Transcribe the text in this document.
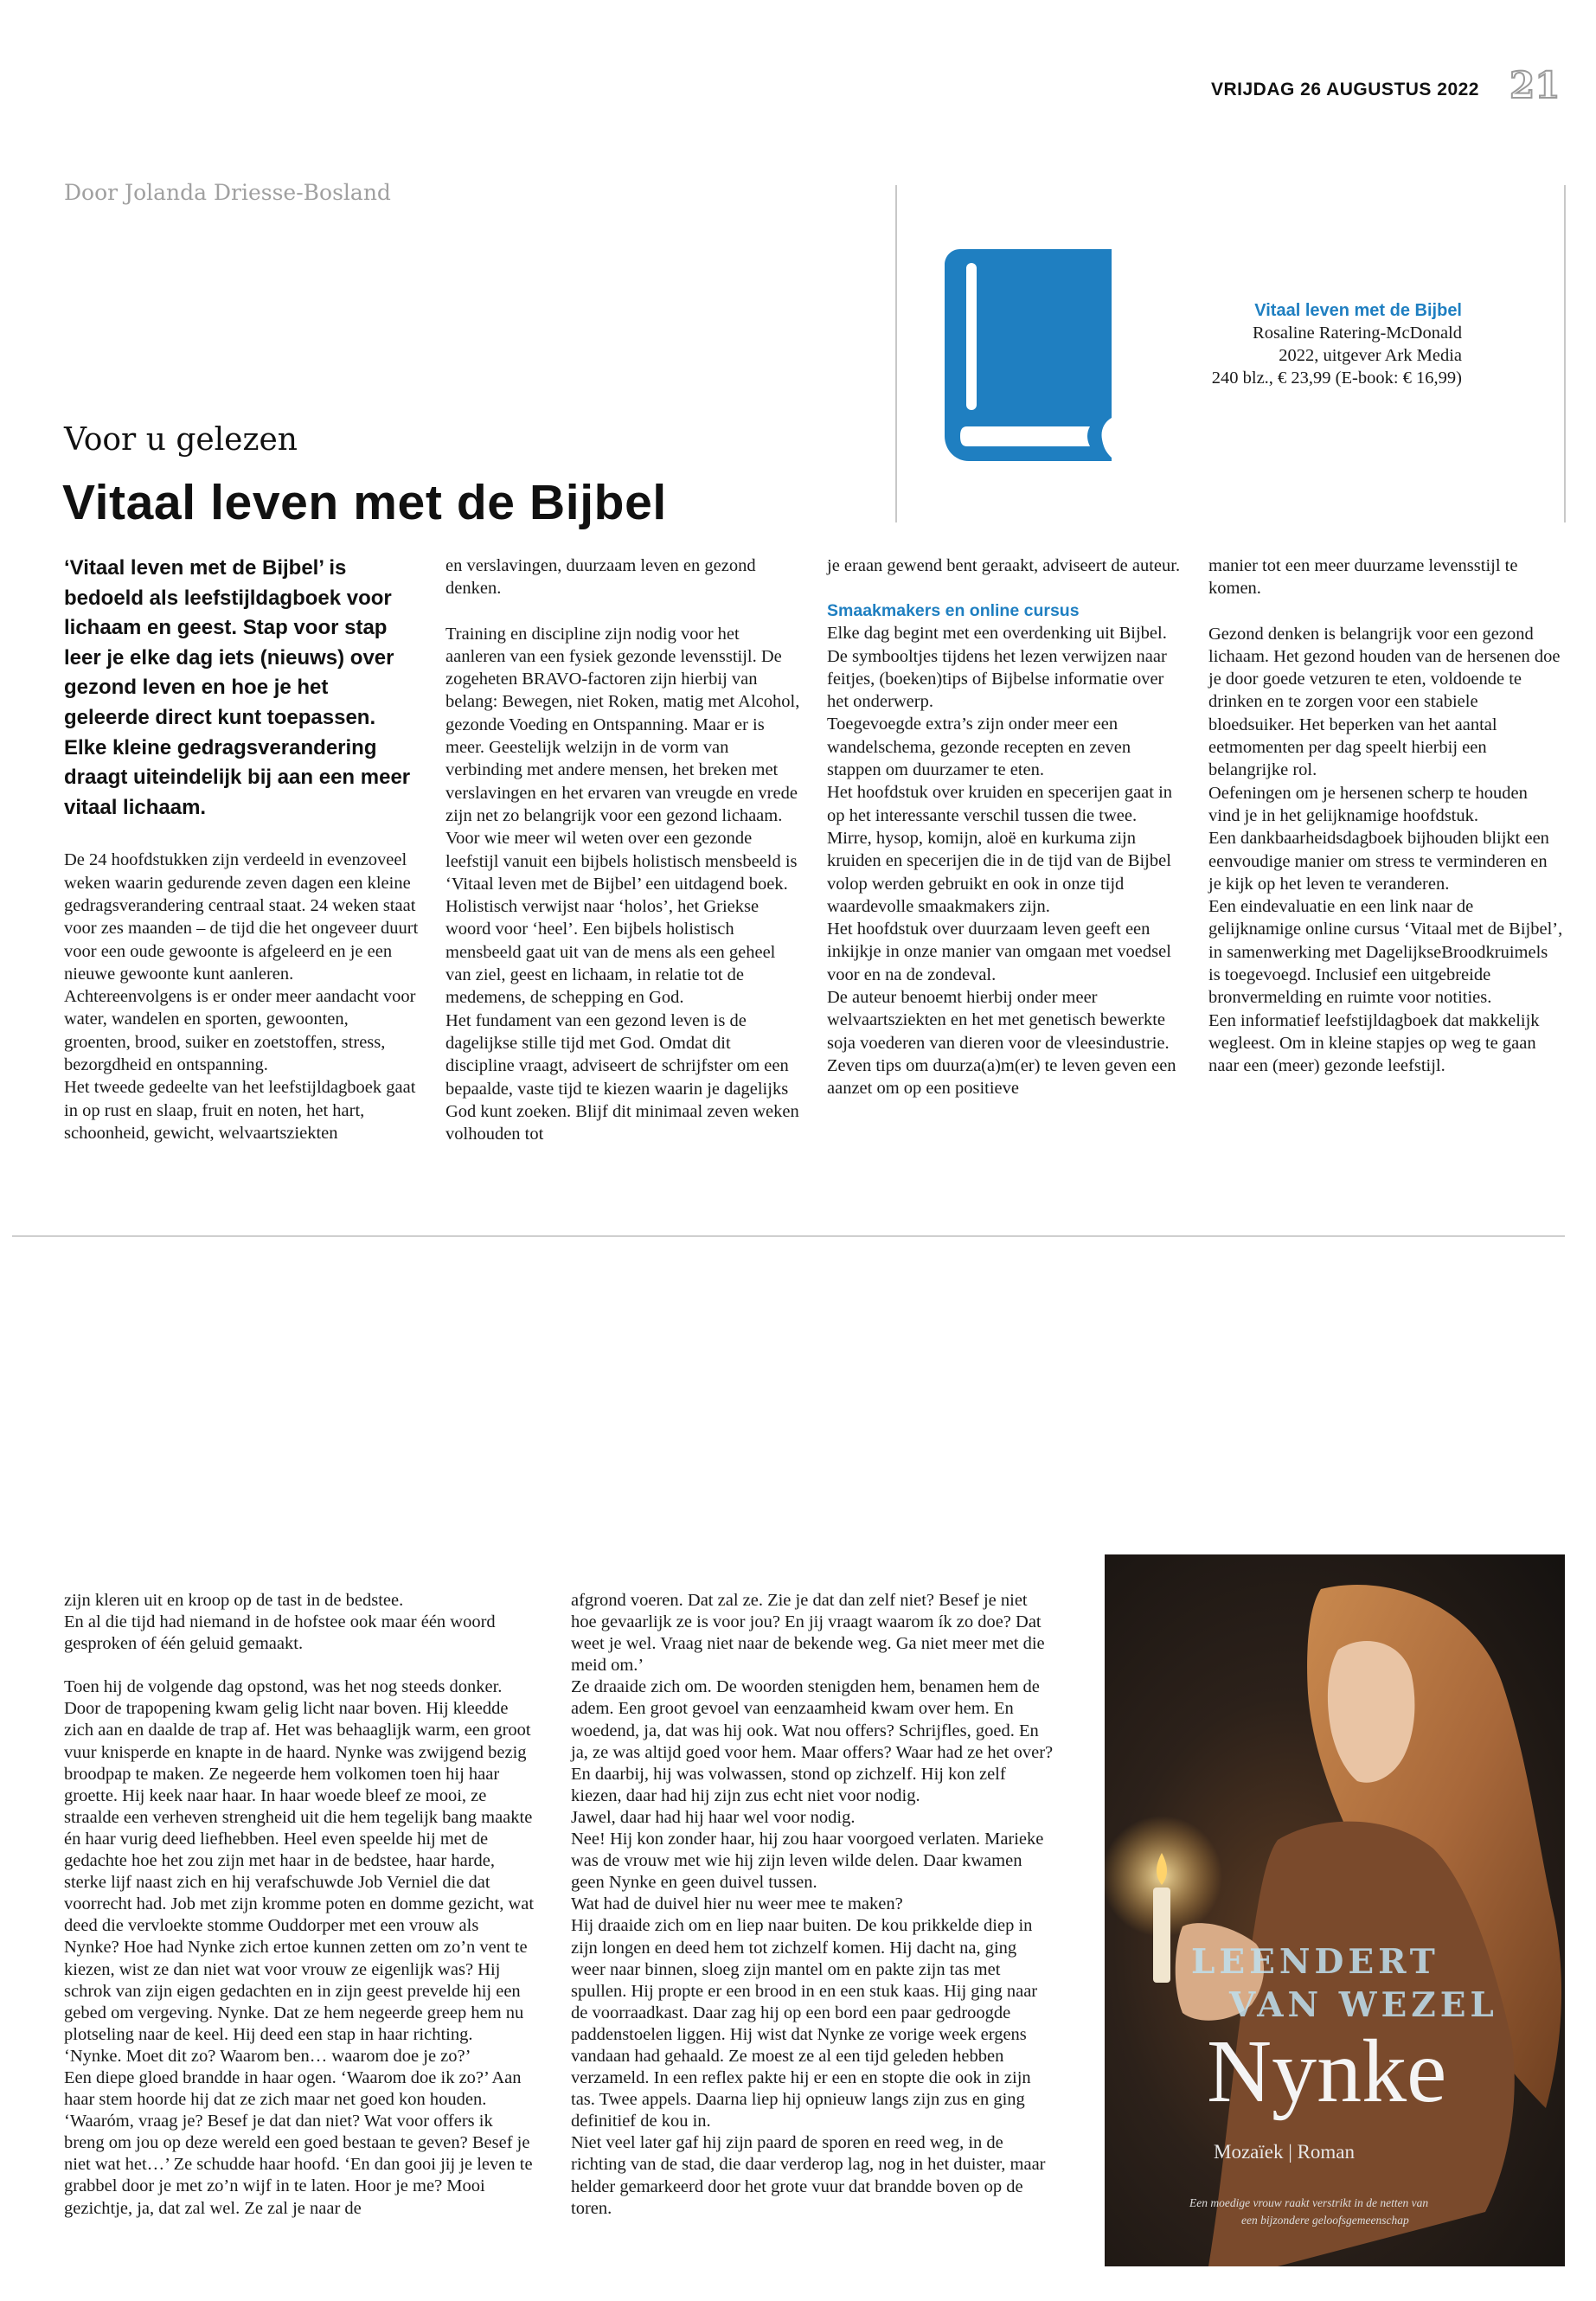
VRIJDAG 26 AUGUSTUS 2022 21
Door Jolanda Driesse-Bosland
Vitaal leven met de Bijbel
Rosaline Ratering-McDonald
2022, uitgever Ark Media
240 blz., € 23,99 (E-book: € 16,99)
Voor u gelezen
Vitaal leven met de Bijbel
‘Vitaal leven met de Bijbel’ is bedoeld als leefstijldagboek voor lichaam en geest. Stap voor stap leer je elke dag iets (nieuws) over gezond leven en hoe je het geleerde direct kunt toepassen. Elke kleine gedragsverandering draagt uiteindelijk bij aan een meer vitaal lichaam.

De 24 hoofdstukken zijn verdeeld in evenzoveel weken waarin gedurende zeven dagen een kleine gedragsverandering centraal staat. 24 weken staat voor zes maanden – de tijd die het ongeveer duurt voor een oude gewoonte is afgeleerd en je een nieuwe gewoonte kunt aanleren.

Achtereenvolgens is er onder meer aandacht voor water, wandelen en sporten, gewoonten, groenten, brood, suiker en zoetstoffen, stress, bezorgdheid en ontspanning.

Het tweede gedeelte van het leefstijldagboek gaat in op rust en slaap, fruit en noten, het hart, schoonheid, gewicht, welvaartsziekten

en verslavingen, duurzaam leven en gezond denken.

Training en discipline zijn nodig voor het aanleren van een fysiek gezonde levensstijl. De zogeheten BRAVO-factoren zijn hierbij van belang: Bewegen, niet Roken, matig met Alcohol, gezonde Voeding en Ontspanning. Maar er is meer. Geestelijk welzijn in de vorm van verbinding met andere mensen, het breken met verslavingen en het ervaren van vreugde en vrede zijn net zo belangrijk voor een gezond lichaam.

Voor wie meer wil weten over een gezonde leefstijl vanuit een bijbels holistisch mensbeeld is ‘Vitaal leven met de Bijbel’ een uitdagend boek. Holistisch verwijst naar ‘holos’, het Griekse woord voor ‘heel’. Een bijbels holistisch mensbeeld gaat uit van de mens als een geheel van ziel, geest en lichaam, in relatie tot de medemens, de schepping en God.

Het fundament van een gezond leven is de dagelijkse stille tijd met God. Omdat dit discipline vraagt, adviseert de schrijfster om een bepaalde, vaste tijd te kiezen waarin je dagelijks God kunt zoeken. Blijf dit minimaal zeven weken volhouden tot

je eraan gewend bent geraakt, adviseert de auteur.

Smaakmakers en online cursus

Elke dag begint met een overdenking uit Bijbel. De symbooltjes tijdens het lezen verwijzen naar feitjes, (boeken)tips of Bijbelse informatie over het onderwerp.

Toegevoegde extra’s zijn onder meer een wandelschema, gezonde recepten en zeven stappen om duurzamer te eten.

Het hoofdstuk over kruiden en specerijen gaat in op het interessante verschil tussen die twee. Mirre, hysop, komijn, aloë en kurkuma zijn kruiden en specerijen die in de tijd van de Bijbel volop werden gebruikt en ook in onze tijd waardevolle smaakmakers zijn.

Het hoofdstuk over duurzaam leven geeft een inkijkje in onze manier van omgaan met voedsel voor en na de zondeval.

De auteur benoemt hierbij onder meer welvaartsziekten en het met genetisch bewerkte soja voederen van dieren voor de vleesindustrie.

Zeven tips om duurza(a)m(er) te leven geven een aanzet om op een positieve

manier tot een meer duurzame levensstijl te komen.

Gezond denken is belangrijk voor een gezond lichaam. Het gezond houden van de hersenen doe je door goede vetzuren te eten, voldoende te drinken en te zorgen voor een stabiele bloedsuiker. Het beperken van het aantal eetmomenten per dag speelt hierbij een belangrijke rol.

Oefeningen om je hersenen scherp te houden vind je in het gelijknamige hoofdstuk.

Een dankbaarheidsdagboek bijhouden blijkt een eenvoudige manier om stress te verminderen en je kijk op het leven te veranderen.

Een eindevaluatie en een link naar de gelijknamige online cursus ‘Vitaal met de Bijbel’, in samenwerking met DagelijkseBroodkruimels is toegevoegd. Inclusief een uitgebreide bronvermelding en ruimte voor notities.

Een informatief leefstijldagboek dat makkelijk wegleest. Om in kleine stapjes op weg te gaan naar een (meer) gezonde leefstijl.

zijn kleren uit en kroop op de tast in de bedstee.

En al die tijd had niemand in de hofstee ook maar één woord gesproken of één geluid gemaakt.

Toen hij de volgende dag opstond, was het nog steeds donker. Door de trapopening kwam gelig licht naar boven. Hij kleedde zich aan en daalde de trap af. Het was behaaglijk warm, een groot vuur knisperde en knapte in de haard. Nynke was zwijgend bezig broodpap te maken. Ze negeerde hem volkomen toen hij haar groette. Hij keek naar haar. In haar woede bleef ze mooi, ze straalde een verheven strengheid uit die hem tegelijk bang maakte én haar vurig deed liefhebben. Heel even speelde hij met de gedachte hoe het zou zijn met haar in de bedstee, haar harde, sterke lijf naast zich en hij verafschuwde Job Verniel die dat voorrecht had. Job met zijn kromme poten en domme gezicht, wat deed die vervloekte stomme Ouddorper met een vrouw als Nynke? Hoe had Nynke zich ertoe kunnen zetten om zo’n vent te kiezen, wist ze dan niet wat voor vrouw ze eigenlijk was? Hij schrok van zijn eigen gedachten en in zijn geest prevelde hij een gebed om vergeving. Nynke. Dat ze hem negeerde greep hem nu plotseling naar de keel. Hij deed een stap in haar richting.

‘Nynke. Moet dit zo? Waarom ben… waarom doe je zo?’

Een diepe gloed brandde in haar ogen. ‘Waarom doe ik zo?’ Aan haar stem hoorde hij dat ze zich maar net goed kon houden. ‘Waaróm, vraag je? Besef je dat dan niet? Wat voor offers ik breng om jou op deze wereld een goed bestaan te geven? Besef je niet wat het…’ Ze schudde haar hoofd. ‘En dan gooi jij je leven te grabbel door je met zo’n wijf in te laten. Hoor je me? Mooi gezichtje, ja, dat zal wel. Ze zal je naar de

afgrond voeren. Dat zal ze. Zie je dat dan zelf niet? Besef je niet hoe gevaarlijk ze is voor jou? En jij vraagt waarom ík zo doe? Dat weet je wel. Vraag niet naar de bekende weg. Ga niet meer met die meid om.’

Ze draaide zich om. De woorden stenigden hem, benamen hem de adem. Een groot gevoel van eenzaamheid kwam over hem. En woedend, ja, dat was hij ook. Wat nou offers? Schrijfles, goed. En ja, ze was altijd goed voor hem. Maar offers? Waar had ze het over? En daarbij, hij was volwassen, stond op zichzelf. Hij kon zelf kiezen, daar had hij zijn zus echt niet voor nodig.

Jawel, daar had hij haar wel voor nodig.

Nee! Hij kon zonder haar, hij zou haar voorgoed verlaten. Marieke was de vrouw met wie hij zijn leven wilde delen. Daar kwamen geen Nynke en geen duivel tussen.

Wat had de duivel hier nu weer mee te maken?

Hij draaide zich om en liep naar buiten. De kou prikkelde diep in zijn longen en deed hem tot zichzelf komen. Hij dacht na, ging weer naar binnen, sloeg zijn mantel om en pakte zijn tas met spullen. Hij propte er een brood in en een stuk kaas. Hij ging naar de voorraadkast. Daar zag hij op een bord een paar gedroogde paddenstoelen liggen. Hij wist dat Nynke ze vorige week ergens vandaan had gehaald. Ze moest ze al een tijd geleden hebben verzameld. In een reflex pakte hij er een en stopte die ook in zijn tas. Twee appels. Daarna liep hij opnieuw langs zijn zus en ging definitief de kou in.

Niet veel later gaf hij zijn paard de sporen en reed weg, in de richting van de stad, die daar verderop lag, nog in het duister, maar helder gemarkeerd door het grote vuur dat brandde boven op de toren.

LEENDERT
VAN WEZEL
Nynke
Mozaïek | Roman
Een moedige vrouw raakt verstrikt in de netten van
een bijzondere geloofsgemeenschap
